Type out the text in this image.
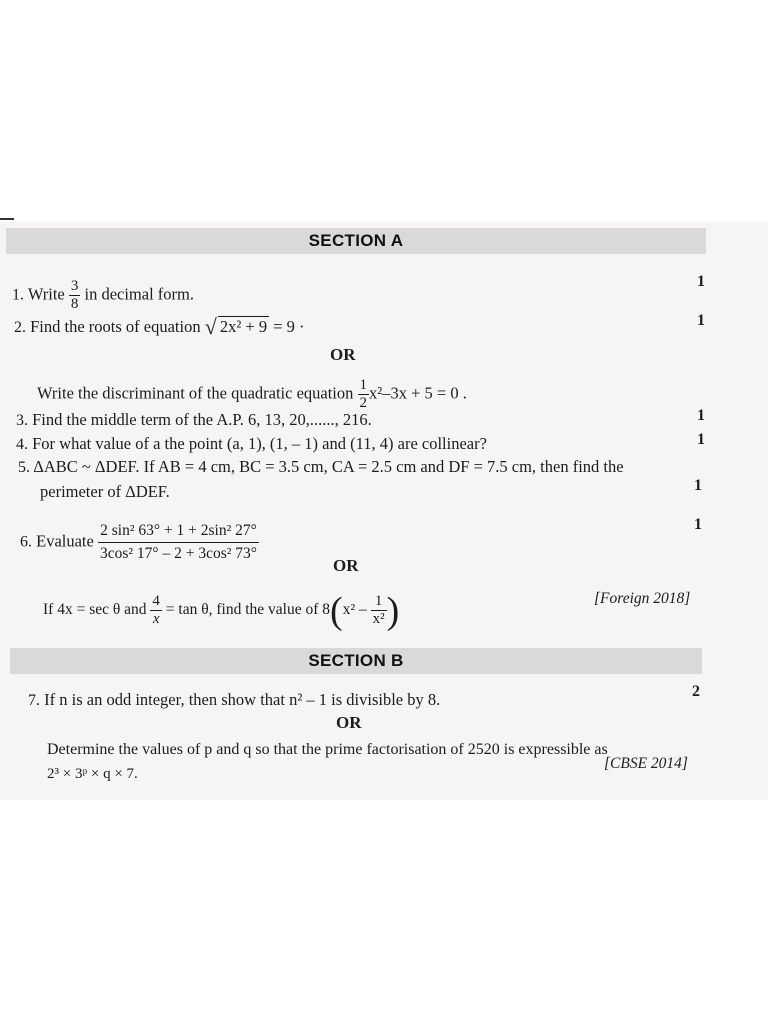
SECTION A
1. Write $\frac{3}{8}$ in decimal form.
1
2. Find the roots of equation √ 2x² + 9 = 9 ·	1
OR
Write the discriminant of the quadratic equation $\frac{1}{2} x^2-3x + 5 = 0$ .
3. Find the middle term of the A.P. 6, 13, 20,......, 216.	1
4. For what value of a the point (a, 1), (1, – 1) and (11, 4) are collinear?	1
5. ΔABC ~ ΔDEF. If AB = 4 cm, BC = 3.5 cm, CA = 2.5 cm and DF = 7.5 cm, then find the
perimeter of ΔDEF.	1
6. Evaluate $\frac{\text{2 sin² 63° + 1 + 2sin² 27°}}{\text{3cos² 17° – 2 + 3cos² 73°}}$	1
OR
If 4x = sec θ and $\frac{4}{x} = \tan \theta$, find the value of $8(x^2 - \frac{1}{\text{x²}}$ )	[Foreign 2018]
SECTION B
7. If n is an odd integer, then show that n² – 1 is divisible by 8.	2
OR
Determine the values of p and q so that the prime factorisation of 2520 is expressible as
2³ × 3ᵖ × q × 7.
[CBSE 2014]
